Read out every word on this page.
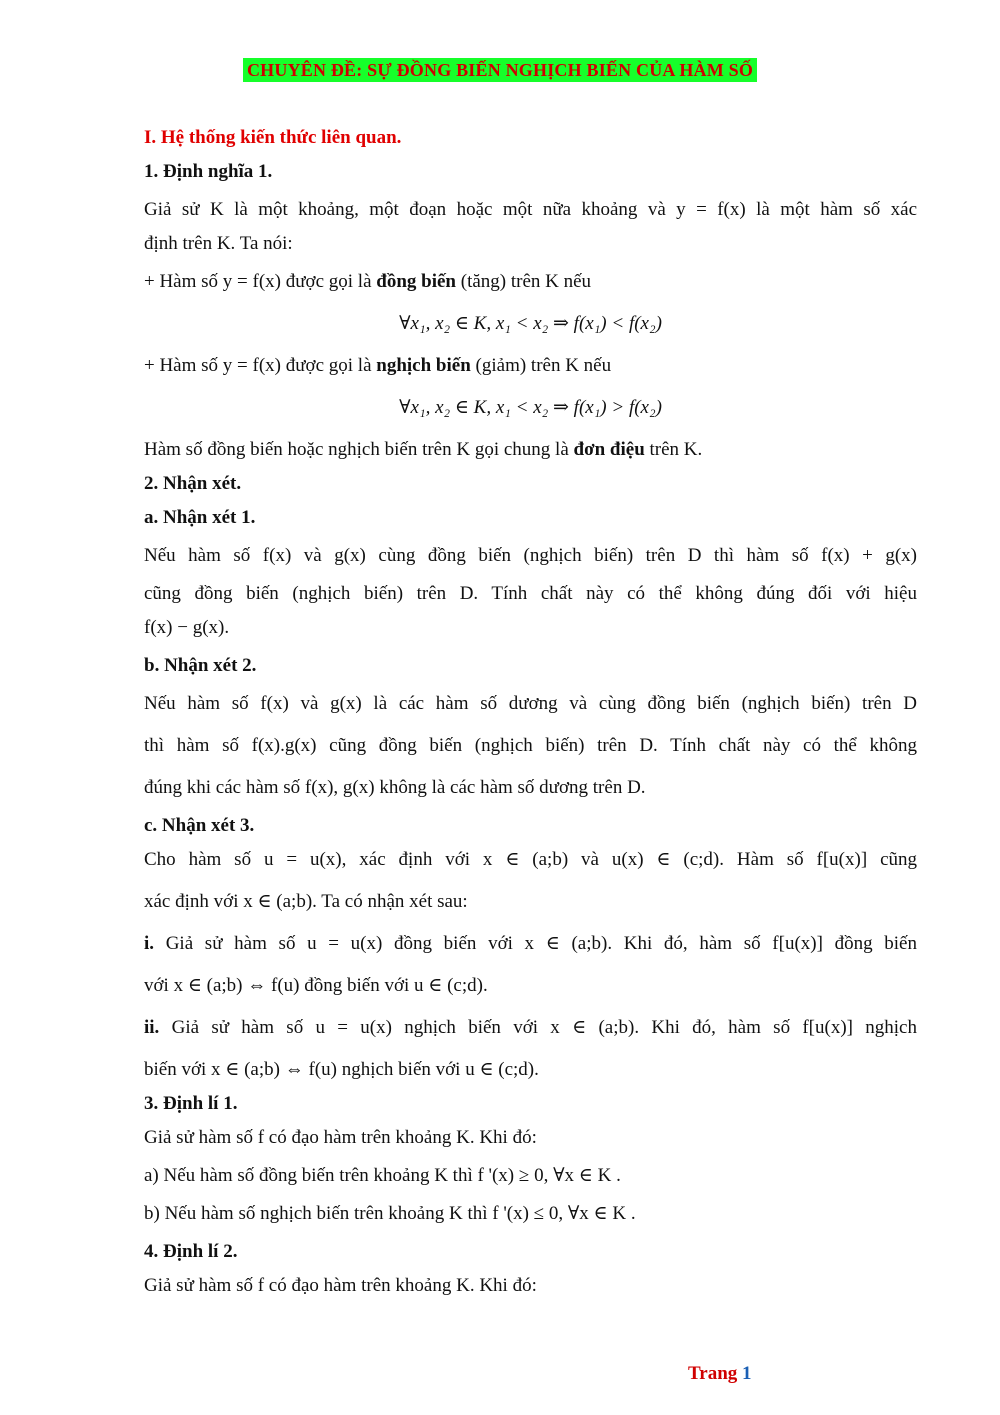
CHUYÊN ĐỀ: SỰ ĐỒNG BIẾN NGHỊCH BIẾN CỦA HÀM SỐ
I. Hệ thống kiến thức liên quan.
1. Định nghĩa 1.
Giả sử K là một khoảng, một đoạn hoặc một nữa khoảng và y = f(x) là một hàm số xác
định trên K. Ta nói:
+ Hàm số y = f(x) được gọi là đồng biến (tăng) trên K nếu
∀x₁, x₂ ∈ K, x₁ < x₂ ⇒ f(x₁) < f(x₂)
+ Hàm số y = f(x) được gọi là nghịch biến (giảm) trên K nếu
∀x₁, x₂ ∈ K, x₁ < x₂ ⇒ f(x₁) > f(x₂)
Hàm số đồng biến hoặc nghịch biến trên K gọi chung là đơn điệu trên K.
2. Nhận xét.
a. Nhận xét 1.
Nếu hàm số f(x) và g(x) cùng đồng biến (nghịch biến) trên D thì hàm số f(x) + g(x)
cũng đồng biến (nghịch biến) trên D. Tính chất này có thể không đúng đối với hiệu
f(x) − g(x).
b. Nhận xét 2.
Nếu hàm số f(x) và g(x) là các hàm số dương và cùng đồng biến (nghịch biến) trên D
thì hàm số f(x).g(x) cũng đồng biến (nghịch biến) trên D. Tính chất này có thể không
đúng khi các hàm số f(x), g(x) không là các hàm số dương trên D.
c. Nhận xét 3.
Cho hàm số u = u(x), xác định với x ∈ (a;b) và u(x) ∈ (c;d). Hàm số f[u(x)] cũng
xác định với x ∈ (a;b). Ta có nhận xét sau:
i. Giả sử hàm số u = u(x) đồng biến với x ∈ (a;b). Khi đó, hàm số f[u(x)] đồng biến
với x ∈ (a;b) ⇔ f(u) đồng biến với u ∈ (c;d).
ii. Giả sử hàm số u = u(x) nghịch biến với x ∈ (a;b). Khi đó, hàm số f[u(x)] nghịch
biến với x ∈ (a;b) ⇔ f(u) nghịch biến với u ∈ (c;d).
3. Định lí 1.
Giả sử hàm số f có đạo hàm trên khoảng K. Khi đó:
a) Nếu hàm số đồng biến trên khoảng K thì f '(x) ≥ 0, ∀x ∈ K .
b) Nếu hàm số nghịch biến trên khoảng K thì f '(x) ≤ 0, ∀x ∈ K .
4. Định lí 2.
Giả sử hàm số f có đạo hàm trên khoảng K. Khi đó:
Trang 1
